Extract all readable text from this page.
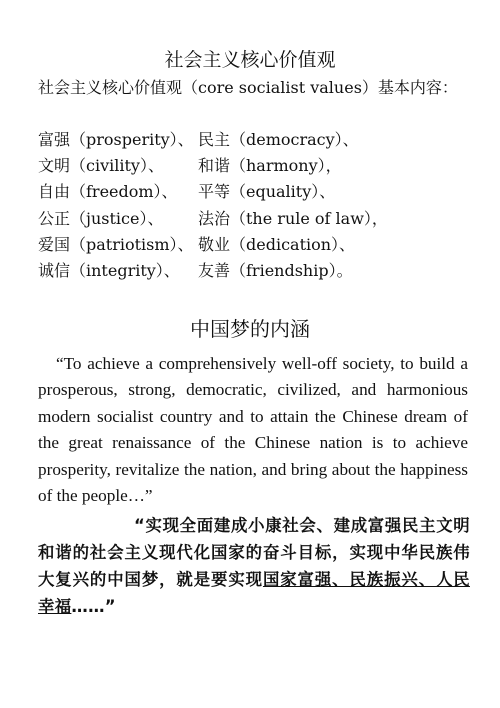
社会主义核心价值观
社会主义核心价值观（core socialist values）基本内容：
富强（prosperity）、 民主（democracy）、
文明（civility）、 和谐（harmony），
自由（freedom）、 平等（equality）、
公正（justice）、 法治（the rule of law），
爱国（patriotism）、 敬业（dedication）、
诚信（integrity）、 友善（friendship）。
中国梦的内涵
“To achieve a comprehensively well-off society, to build a prosperous, strong, democratic, civilized, and harmonious modern socialist country and to attain the Chinese dream of the great renaissance of the Chinese nation is to achieve prosperity, revitalize the nation, and bring about the happiness of the people…”
“实现全面建成小康社会、建成富强民主文明和谐的社会主义现代化国家的奋斗目标，实现中华民族伟大复兴的中国梦，就是要实现国家富强、民族振兴、人民幸福……”
